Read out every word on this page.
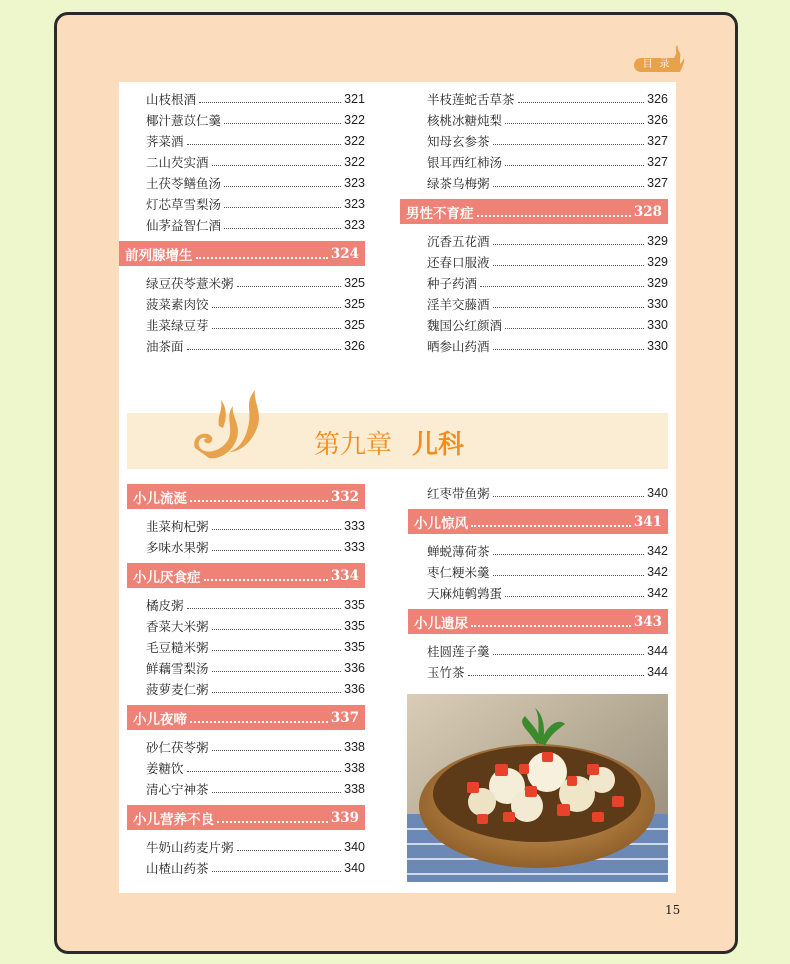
目 录
山枝根酒	321
椰汁薏苡仁羹	322
荠菜酒	322
二山芡实酒	322
土茯苓鳝鱼汤	323
灯芯草雪梨汤	323
仙茅益智仁酒	323
前列腺增生	324
绿豆茯苓薏米粥	325
菠菜素肉饺	325
韭菜绿豆芽	325
油茶面	326
半枝莲蛇舌草茶	326
核桃冰糖炖梨	326
知母玄参茶	327
银耳西红柿汤	327
绿茶乌梅粥	327
男性不育症	328
沉香五花酒	329
还春口服液	329
种子药酒	329
淫羊交藤酒	330
魏国公红颜酒	330
晒参山药酒	330
第九章 儿科
小儿流涎	332
韭菜枸杞粥	333
多味水果粥	333
小儿厌食症	334
橘皮粥	335
香菜大米粥	335
毛豆糙米粥	335
鲜藕雪梨汤	336
菠萝麦仁粥	336
小儿夜啼	337
砂仁茯苓粥	338
姜糖饮	338
清心宁神茶	338
小儿营养不良	339
牛奶山药麦片粥	340
山楂山药茶	340
红枣带鱼粥	340
小儿惊风	341
蝉蜕薄荷茶	342
枣仁粳米羹	342
天麻炖鹌鹑蛋	342
小儿遗尿	343
桂圆莲子羹	344
玉竹茶	344
15
